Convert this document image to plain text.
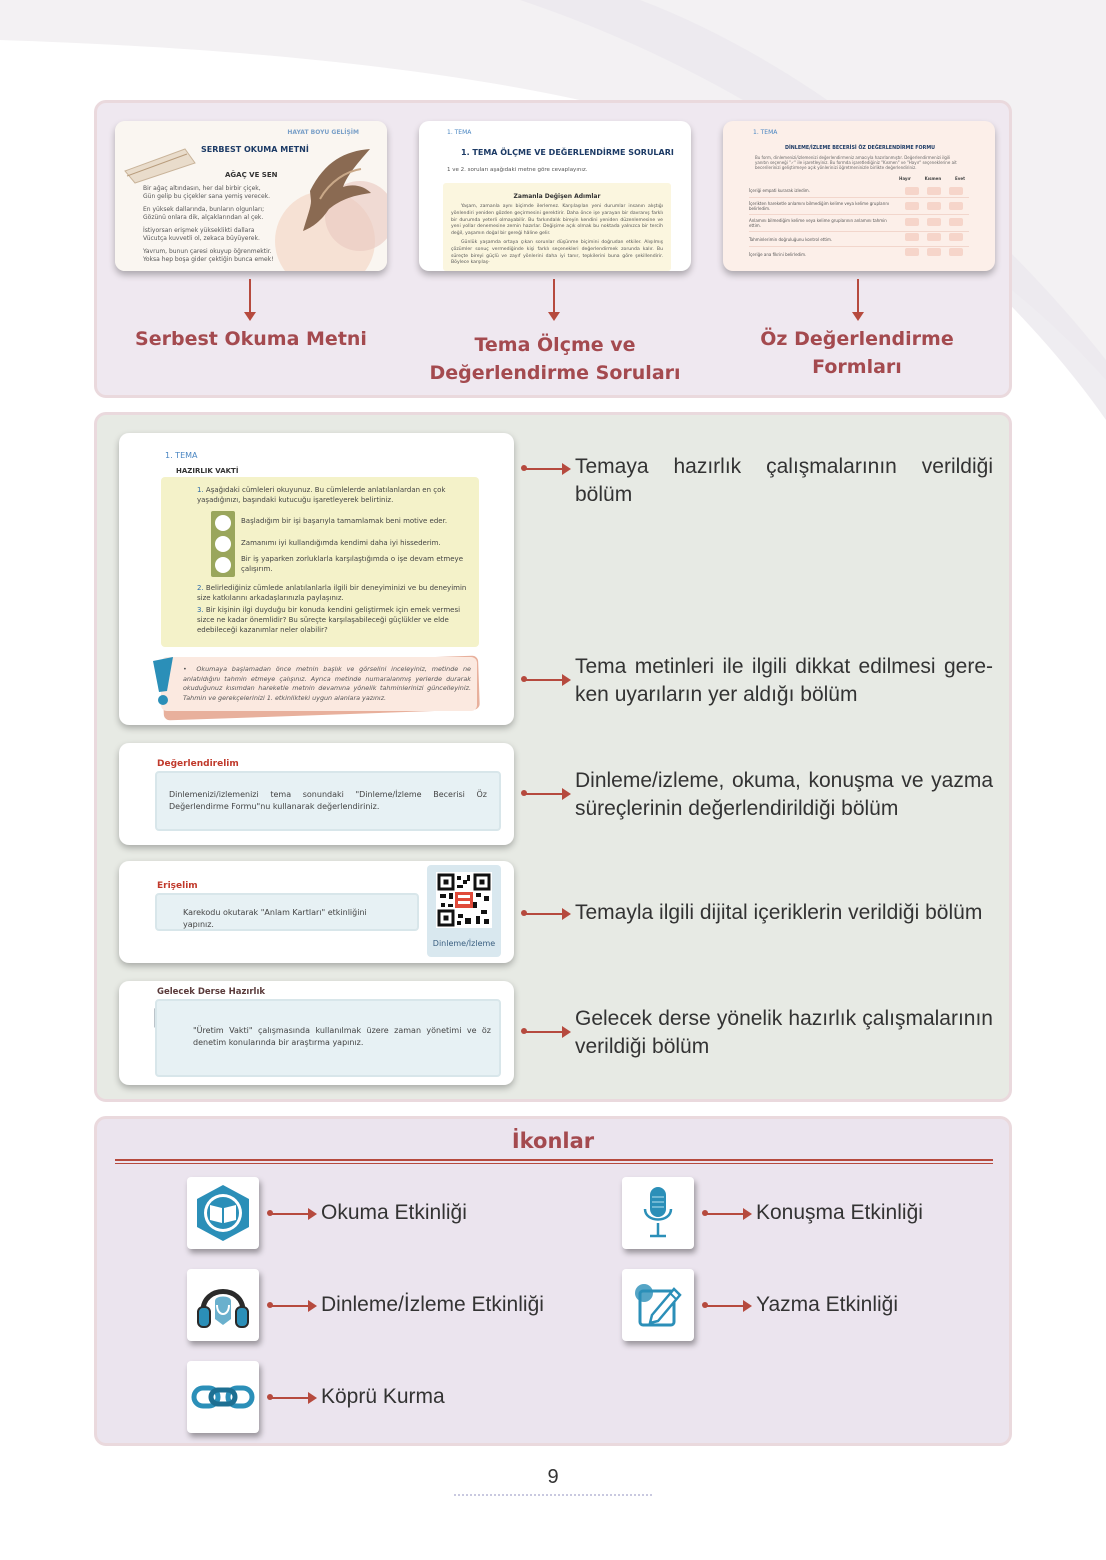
HAYAT BOYU GELİŞİM
SERBEST OKUMA METNİ
AĞAÇ VE SEN
Bir ağaç altındasın, her dal birbir çiçek,
Gün gelip bu çiçekler sana yemiş verecek.
En yüksek dallarında, bunların olgunları;
Gözünü onlara dik, alçaklarından al çek.
İstiyorsan erişmek yükseklikti dallara
Vücutça kuvvetli ol, zekaca büyüyerek.
Yavrum, bunun çaresi okuyup öğrenmektir.
Yoksa hep boşa gider çektiğin bunca emek!
1. TEMA
1. TEMA ÖLÇME VE DEĞERLENDİRME SORULARI
1 ve 2. soruları aşağıdaki metne göre cevaplayınız.
Zamanla Değişen Adımlar
Yaşam, zamanla aynı biçimde ilerlemez. Karşılaşılan yeni durumlar insanın alıştığı yönlendiri yeniden gözden geçirmesini gerektirir. Daha önce işe yarayan bir davranış farklı bir durumda yeterli olmayabilir. Bu farkındalık bireyin kendini yeniden düzenlemesine ve yeni yollar denemesine zemin hazırlar. Değişime açık olmak bu noktada yalnızca bir tercih değil, yaşamın doğal bir gereği hâline gelir.
Günlük yaşamda ortaya çıkan sorunlar düşünme biçimini doğrudan etkiler. Alışılmış çözümler sonuç vermediğinde kişi farklı seçenekleri değerlendirmek zorunda kalır. Bu süreçte bireyi güçlü ve zayıf yönlerini daha iyi tanır, tepkilerini buna göre şekillendirir. Böylece karşılaş-
1. TEMA
DİNLEME/İZLEME BECERİSİ ÖZ DEĞERLENDİRME FORMU
Bu form, dinlemenizi/izlemenizi değerlendirmeniz amacıyla hazırlanmıştır. Değerlendirmenizi ilgili yanıtın seçeneği "✓" ile işaretleyiniz. Bu formda işaretlediğiniz "Kısmen" ve "Hayır" seçeneklerine ait becerilerinizi geliştirmeye açık yönlerinizi öğretmeninizle birlikte değerlendiriniz.
Hayır	Kısmen	Evet
İçeriği empati kurarak izledim.
İçerikten hareketle anlamını bilmediğim kelime veya kelime gruplarını belirledim.
Anlamını bilmediğim kelime veya kelime gruplarının anlamını tahmin ettim.
Tahminlerimin doğruluğunu kontrol ettim.
İçeriğe ana fikrini belirledim.
Serbest Okuma Metni	Tema Ölçme ve Değerlendirme Soruları
Öz Değerlendirme Formları
1. TEMA
HAZIRLIK VAKTİ
1. Aşağıdaki cümleleri okuyunuz. Bu cümlelerde anlatılanlardan en çok yaşadığınızı, başındaki kutucuğu işaretleyerek belirtiniz.
Başladığım bir işi başarıyla tamamlamak beni motive eder.
Zamanımı iyi kullandığımda kendimi daha iyi hissederim.
Bir iş yaparken zorluklarla karşılaştığımda o işe devam etmeye çalışırım.
2. Belirlediğiniz cümlede anlatılanlarla ilgili bir deneyiminizi ve bu deneyimin size katkılarını arkadaşlarınızla paylaşınız.
3. Bir kişinin ilgi duyduğu bir konuda kendini geliştirmek için emek vermesi sizce ne kadar önemlidir? Bu süreçte karşılaşabileceği güçlükler ve elde edebileceği kazanımlar neler olabilir?
•  Okumaya başlamadan önce metnin başlık ve görselini inceleyiniz, metinde ne anlatıldığını tahmin etmeye çalışınız. Ayrıca metinde numaralanmış yerlerde durarak okuduğunuz kısımdan hareketle metnin devamına yönelik tahminlerinizi güncelleyiniz. Tahmin ve gerekçelerinizi 1. etkinlikteki uygun alanlara yazınız.
Değerlendirelim
Dinlemenizi/izlemenizi tema sonundaki "Dinleme/İzleme Becerisi Öz Değerlendirme Formu"nu kullanarak değerlendiriniz.
Erişelim
Karekodu okutarak "Anlam Kartları" etkinliğini yapınız.
Dinleme/İzleme
Gelecek Derse Hazırlık
"Üretim Vakti" çalışmasında kullanılmak üzere zaman yönetimi ve öz denetim konularında bir araştırma yapınız.
Temaya hazırlık çalışmalarının verildiği bölüm
Tema metinleri ile ilgili dikkat edilmesi gere-ken uyarıların yer aldığı bölüm
Dinleme/izleme, okuma, konuşma ve yazma süreçlerinin değerlendirildiği bölüm
Temayla ilgili dijital içeriklerin verildiği bölüm
Gelecek derse yönelik hazırlık çalışmalarının verildiği bölüm
İkonlar
Okuma Etkinliği	Konuşma Etkinliği
Dinleme/İzleme Etkinliği	Yazma Etkinliği
Köprü Kurma
9
